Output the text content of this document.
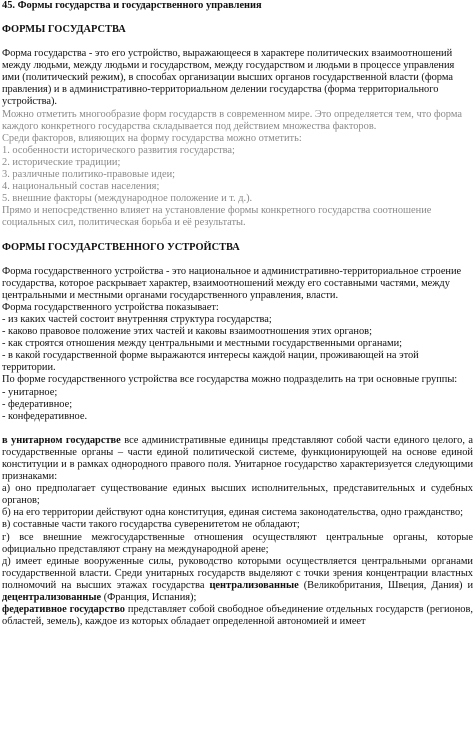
45. Формы государства и государственного управления

ФОРМЫ ГОСУДАРСТВА

Форма государства - это его устройство, выражающееся в характере политических взаимоотношений между людьми, между людьми и государством, между государством и людьми в процессе управления ими (политический режим), в способах организации высших органов государственной власти (форма правления) и в административно-территориальном делении государства (форма территориального устройства).

Можно отметить многообразие форм государств в современном мире. Это определяется тем, что форма каждого конкретного государства складывается под действием множества факторов.

Среди факторов, влияющих на форму государства можно отметить:

1. особенности исторического развития государства;

2. исторические традиции;

3. различные политико-правовые идеи;

4. национальный состав населения;

5. внешние факторы (международное положение и т. д.).

Прямо и непосредственно влияет на установление формы конкретного государства соотношение социальных сил, политическая борьба и её результаты.

ФОРМЫ ГОСУДАРСТВЕННОГО УСТРОЙСТВА

Форма государственного устройства - это национальное и административно-территориальное строение государства, которое раскрывает характер, взаимоотношений между его составными частями, между центральными и местными органами государственного управления, власти.

Форма государственного устройства показывает:

- из каких частей состоит внутренняя структура государства;

- каково правовое положение этих частей и каковы взаимоотношения этих органов;

- как строятся отношения между центральными и местными государственными органами;

- в какой государственной форме выражаются интересы каждой нации, проживающей на этой территории.

По форме государственного устройства все государства можно подразделить на три основные группы:

- унитарное;

- федеративное;

- конфедеративное.

в унитарном государстве все административные единицы представляют собой части единого целого, а государственные органы – части единой политической системе, функционирующей на основе единой конституции и в рамках однородного правого поля. Унитарное государство характеризуется следующими признаками:

а) оно предполагает существование единых высших исполнительных, представительных и судебных органов;

б) на его территории действуют одна конституция, единая система законодательства, одно гражданство;

в) составные части такого государства суверенитетом не обладают;

г) все внешние межгосударственные отношения осуществляют центральные органы, которые официально представляют страну на международной арене;

д) имеет единые вооруженные силы, руководство которыми осуществляется центральными органами государственной власти. Среди унитарных государств выделяют с точки зрения концентрации властных полномочий на высших этажах государства централизованные (Великобритания, Швеция, Дания) и децентрализованные (Франция, Испания);

федеративное государство представляет собой свободное объединение отдельных государств (регионов, областей, земель), каждое из которых обладает определенной автономией и имеет
